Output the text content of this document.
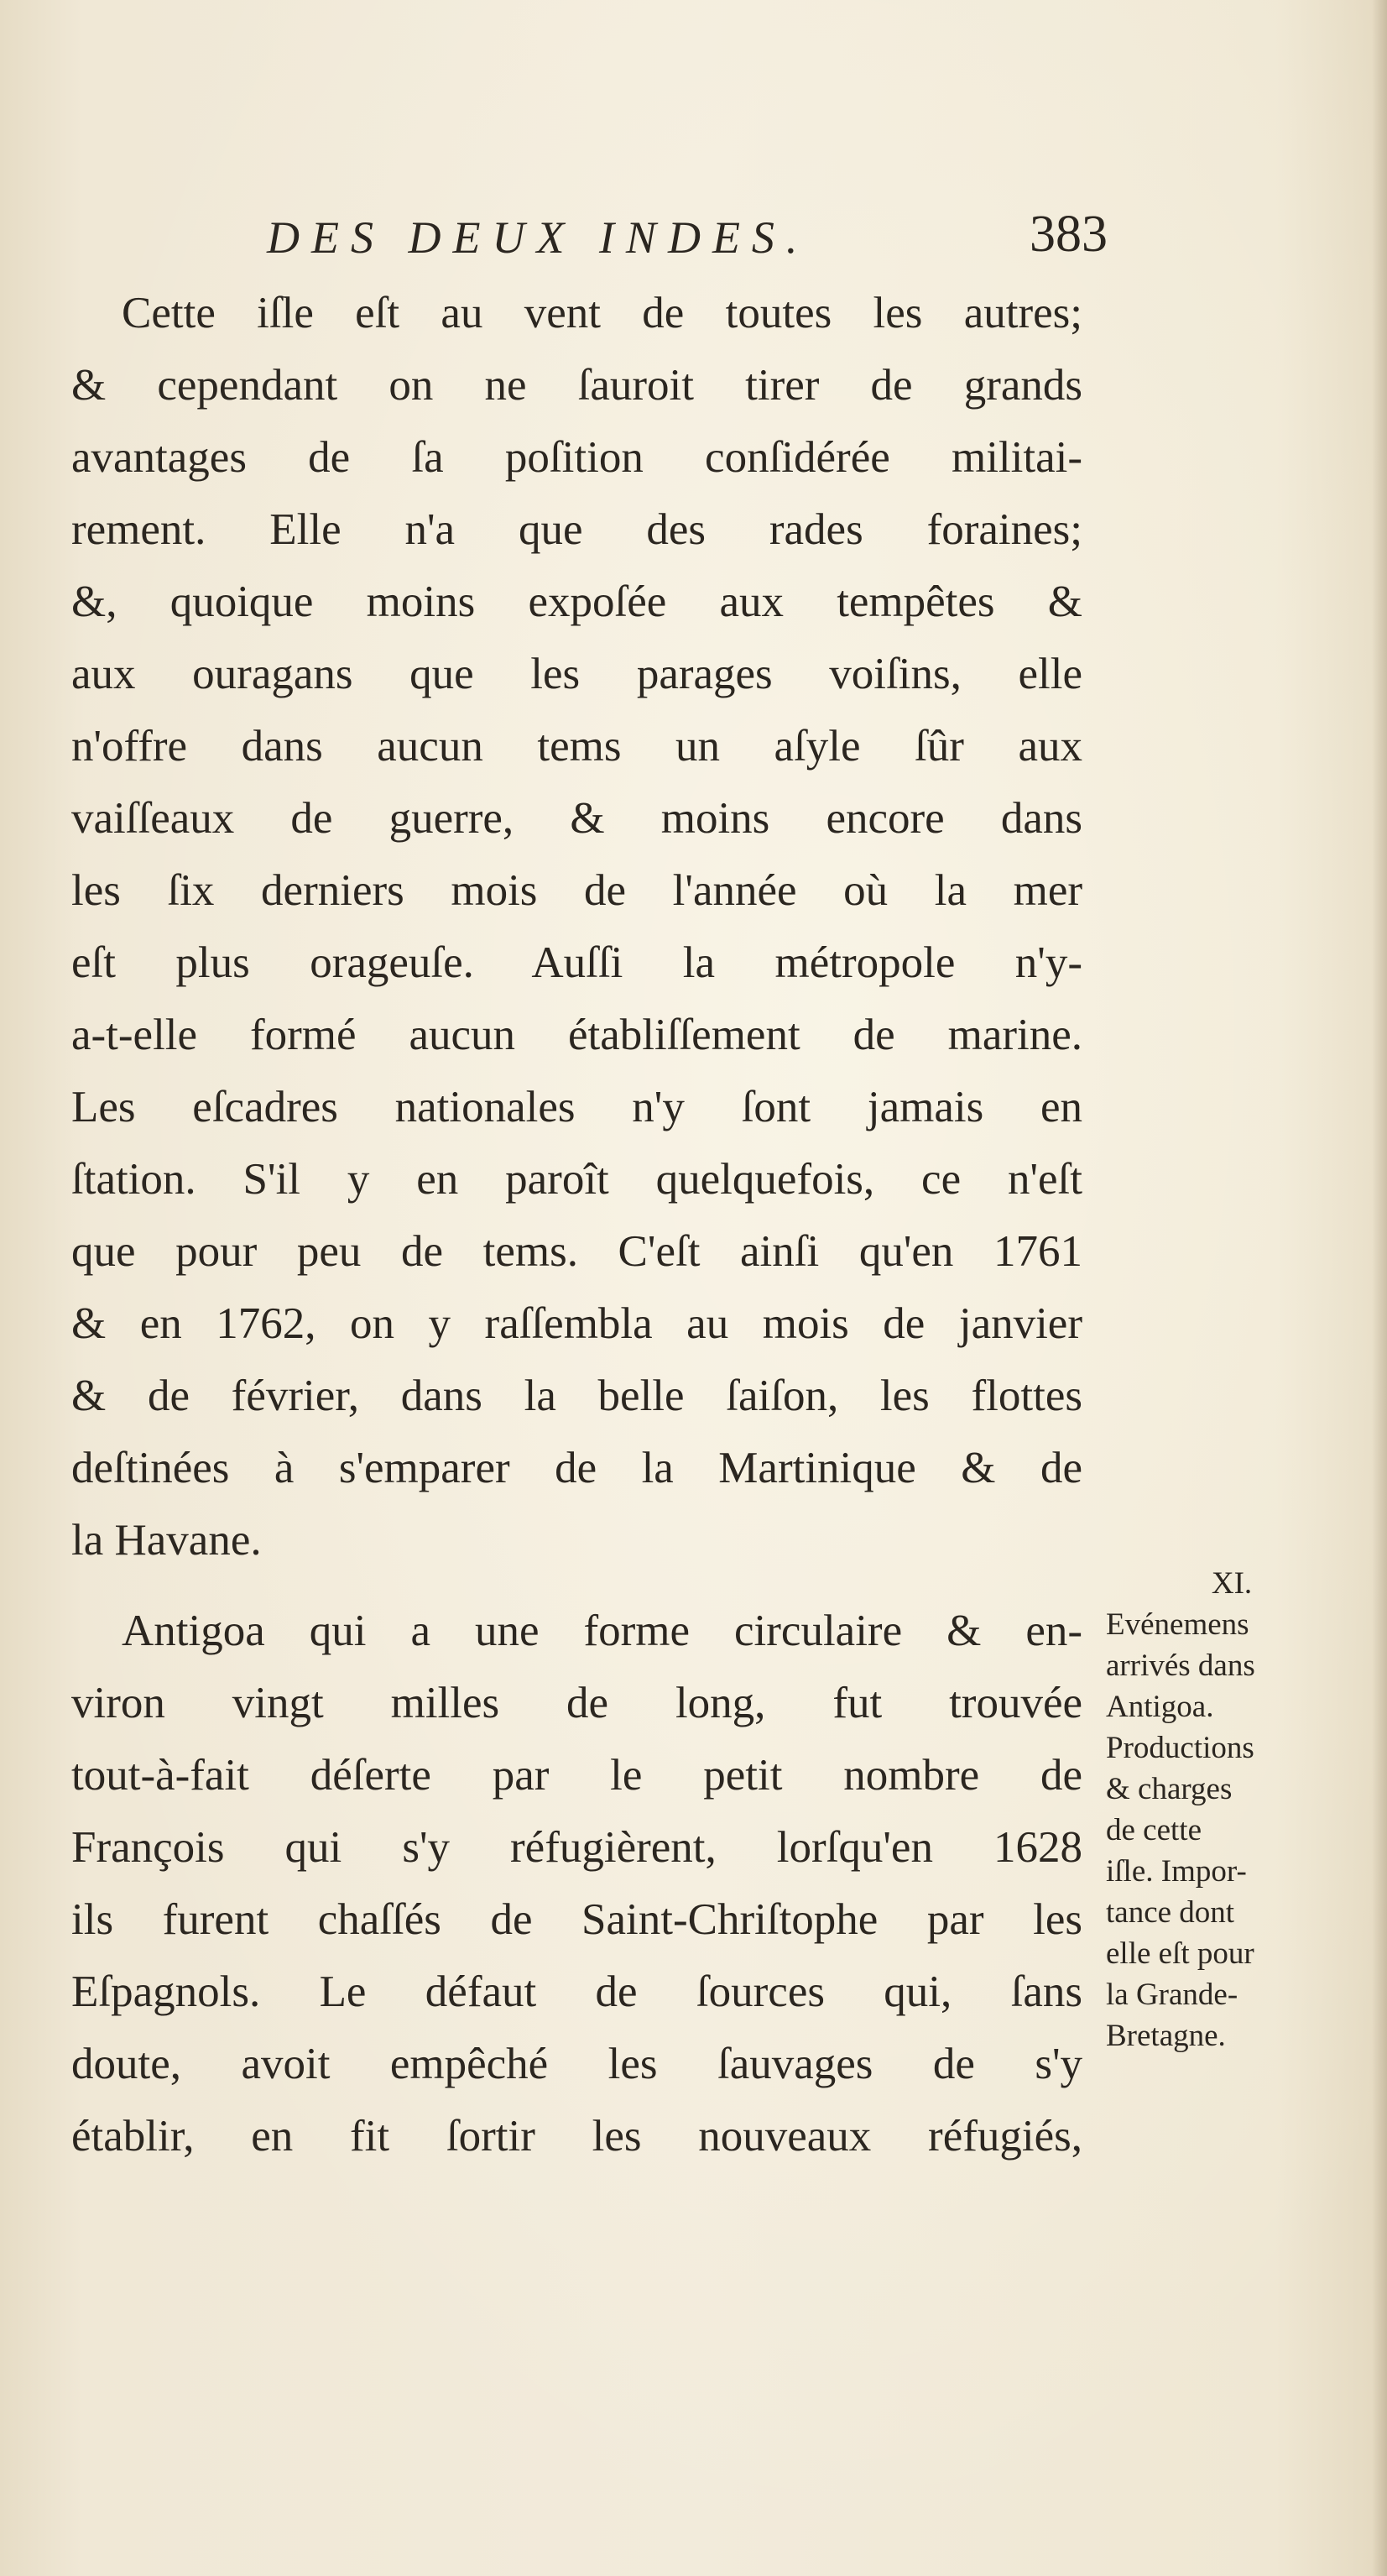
DES DEUX INDES.	383
Cette iſle eſt au vent de toutes les autres;
& cependant on ne ſauroit tirer de grands
avantages de ſa poſition conſidérée militai-
rement. Elle n'a que des rades foraines;
&, quoique moins expoſée aux tempêtes &
aux ouragans que les parages voiſins, elle
n'offre dans aucun tems un aſyle ſûr aux
vaiſſeaux de guerre, & moins encore dans
les ſix derniers mois de l'année où la mer
eſt plus orageuſe. Auſſi la métropole n'y-
a-t-elle formé aucun établiſſement de marine.
Les eſcadres nationales n'y ſont jamais en
ſtation. S'il y en paroît quelquefois, ce n'eſt
que pour peu de tems. C'eſt ainſi qu'en 1761
& en 1762, on y raſſembla au mois de janvier
& de février, dans la belle ſaiſon, les flottes
deſtinées à s'emparer de la Martinique & de
la Havane.
Antigoa qui a une forme circulaire & en-
viron vingt milles de long, fut trouvée
tout-à-fait déſerte par le petit nombre de
François qui s'y réfugièrent, lorſqu'en 1628
ils furent chaſſés de Saint-Chriſtophe par les
Eſpagnols. Le défaut de ſources qui, ſans
doute, avoit empêché les ſauvages de s'y
établir, en fit ſortir les nouveaux réfugiés,
XI.
Evénemens
arrivés dans
Antigoa.
Productions
& charges
de cette
iſle. Impor-
tance dont
elle eſt pour
la Grande-
Bretagne.
